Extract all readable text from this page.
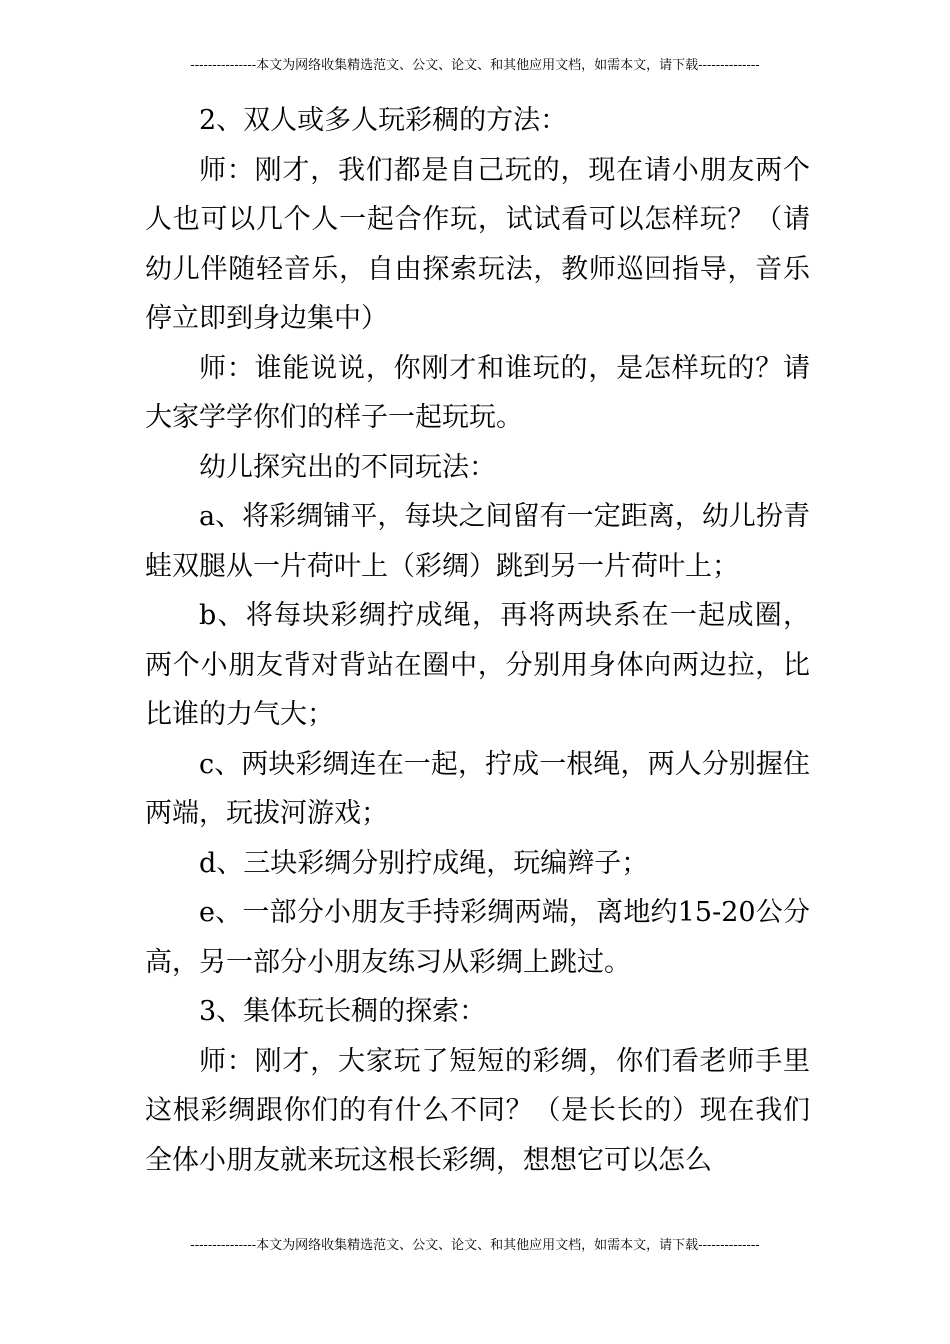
---------------本文为网络收集精选范文、公文、论文、和其他应用文档，如需本文，请下载--------------

2、双人或多人玩彩稠的方法：

师：刚才，我们都是自己玩的，现在请小朋友两个人也可以几个人一起合作玩，试试看可以怎样玩？（请幼儿伴随轻音乐，自由探索玩法，教师巡回指导，音乐停立即到身边集中）

师：谁能说说，你刚才和谁玩的，是怎样玩的？请大家学学你们的样子一起玩玩。

幼儿探究出的不同玩法：

a、将彩绸铺平，每块之间留有一定距离，幼儿扮青蛙双腿从一片荷叶上（彩绸）跳到另一片荷叶上；

b、将每块彩绸拧成绳，再将两块系在一起成圈，两个小朋友背对背站在圈中，分别用身体向两边拉，比比谁的力气大；

c、两块彩绸连在一起，拧成一根绳，两人分别握住两端，玩拔河游戏；

d、三块彩绸分别拧成绳，玩编辫子；

e、一部分小朋友手持彩绸两端，离地约15-20公分高，另一部分小朋友练习从彩绸上跳过。

3、集体玩长稠的探索：

师：刚才，大家玩了短短的彩绸，你们看老师手里这根彩绸跟你们的有什么不同？（是长长的）现在我们全体小朋友就来玩这根长彩绸，想想它可以怎么

---------------本文为网络收集精选范文、公文、论文、和其他应用文档，如需本文，请下载--------------
